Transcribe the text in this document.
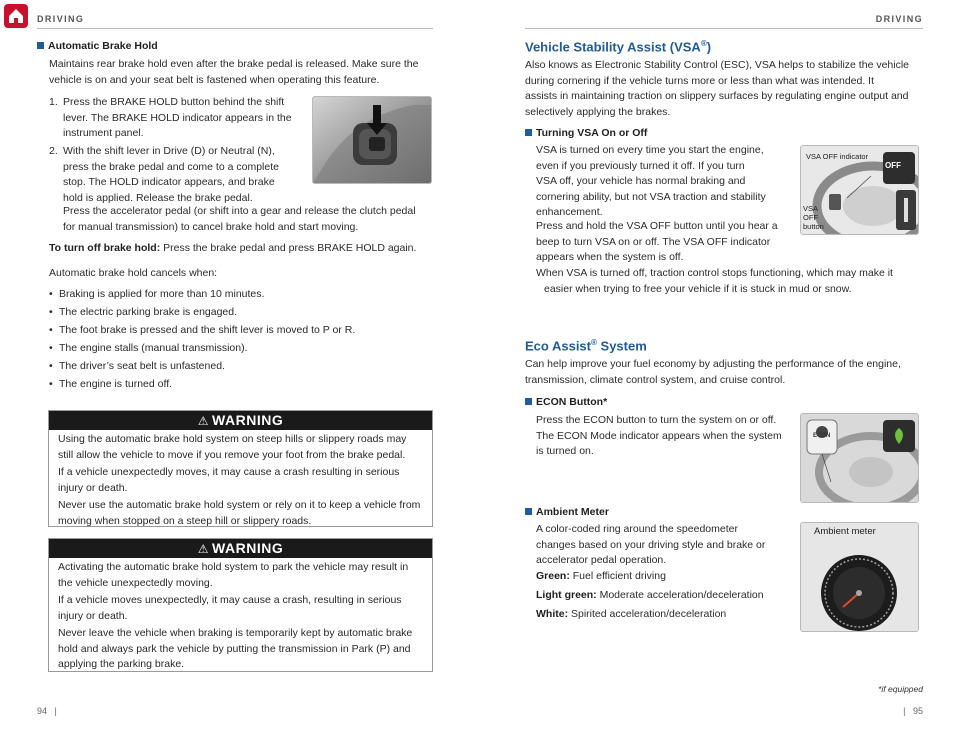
DRIVING
Automatic Brake Hold
Maintains rear brake hold even after the brake pedal is released. Make sure the
vehicle is on and your seat belt is fastened when operating this feature.
1. Press the BRAKE HOLD button behind the shift
lever. The BRAKE HOLD indicator appears in the
instrument panel.
2. With the shift lever in Drive (D) or Neutral (N),
press the brake pedal and come to a complete
stop. The HOLD indicator appears, and brake
hold is applied. Release the brake pedal.
Press the accelerator pedal (or shift into a gear and release the clutch pedal
for manual transmission) to cancel brake hold and start moving.
To turn off brake hold: Press the brake pedal and press BRAKE HOLD again.
Automatic brake hold cancels when:
• Braking is applied for more than 10 minutes.
• The electric parking brake is engaged.
• The foot brake is pressed and the shift lever is moved to P or R.
• The engine stalls (manual transmission).
• The driver’s seat belt is unfastened.
• The engine is turned off.
⚠ WARNING

Using the automatic brake hold system on steep hills or slippery roads may
still allow the vehicle to move if you remove your foot from the brake pedal.

If a vehicle unexpectedly moves, it may cause a crash resulting in serious
injury or death.

Never use the automatic brake hold system or rely on it to keep a vehicle from
moving when stopped on a steep hill or slippery roads.

⚠ WARNING

Activating the automatic brake hold system to park the vehicle may result in
the vehicle unexpectedly moving.

If a vehicle moves unexpectedly, it may cause a crash, resulting in serious
injury or death.

Never leave the vehicle when braking is temporarily kept by automatic brake
hold and always park the vehicle by putting the transmission in Park (P) and
applying the parking brake.

94   |
DRIVING
Vehicle Stability Assist (VSA®)
Also knows as Electronic Stability Control (ESC), VSA helps to stabilize the vehicle
during cornering if the vehicle turns more or less than what was intended. It
assists in maintaining traction on slippery surfaces by regulating engine output and
selectively applying the brakes.
Turning VSA On or Off
VSA is turned on every time you start the engine,
even if you previously turned it off. If you turn
VSA off, your vehicle has normal braking and
cornering ability, but not VSA traction and stability
enhancement.
Press and hold the VSA OFF button until you hear a
beep to turn VSA on or off. The VSA OFF indicator
appears when the system is off.
When VSA is turned off, traction control stops functioning, which may make it
easier when trying to free your vehicle if it is stuck in mud or snow.
OFF
VSA OFF indicator
VSA
OFF
button
Eco Assist® System
Can help improve your fuel economy by adjusting the performance of the engine,
transmission, climate control system, and cruise control.
ECON Button*
Press the ECON button to turn the system on or off.
The ECON Mode indicator appears when the system
is turned on.
ECON
Ambient Meter
A color-coded ring around the speedometer
changes based on your driving style and brake or
accelerator pedal operation.
Green: Fuel efficient driving
Light green: Moderate acceleration/deceleration
White: Spirited acceleration/deceleration
Ambient meter
*if equipped
|   95
